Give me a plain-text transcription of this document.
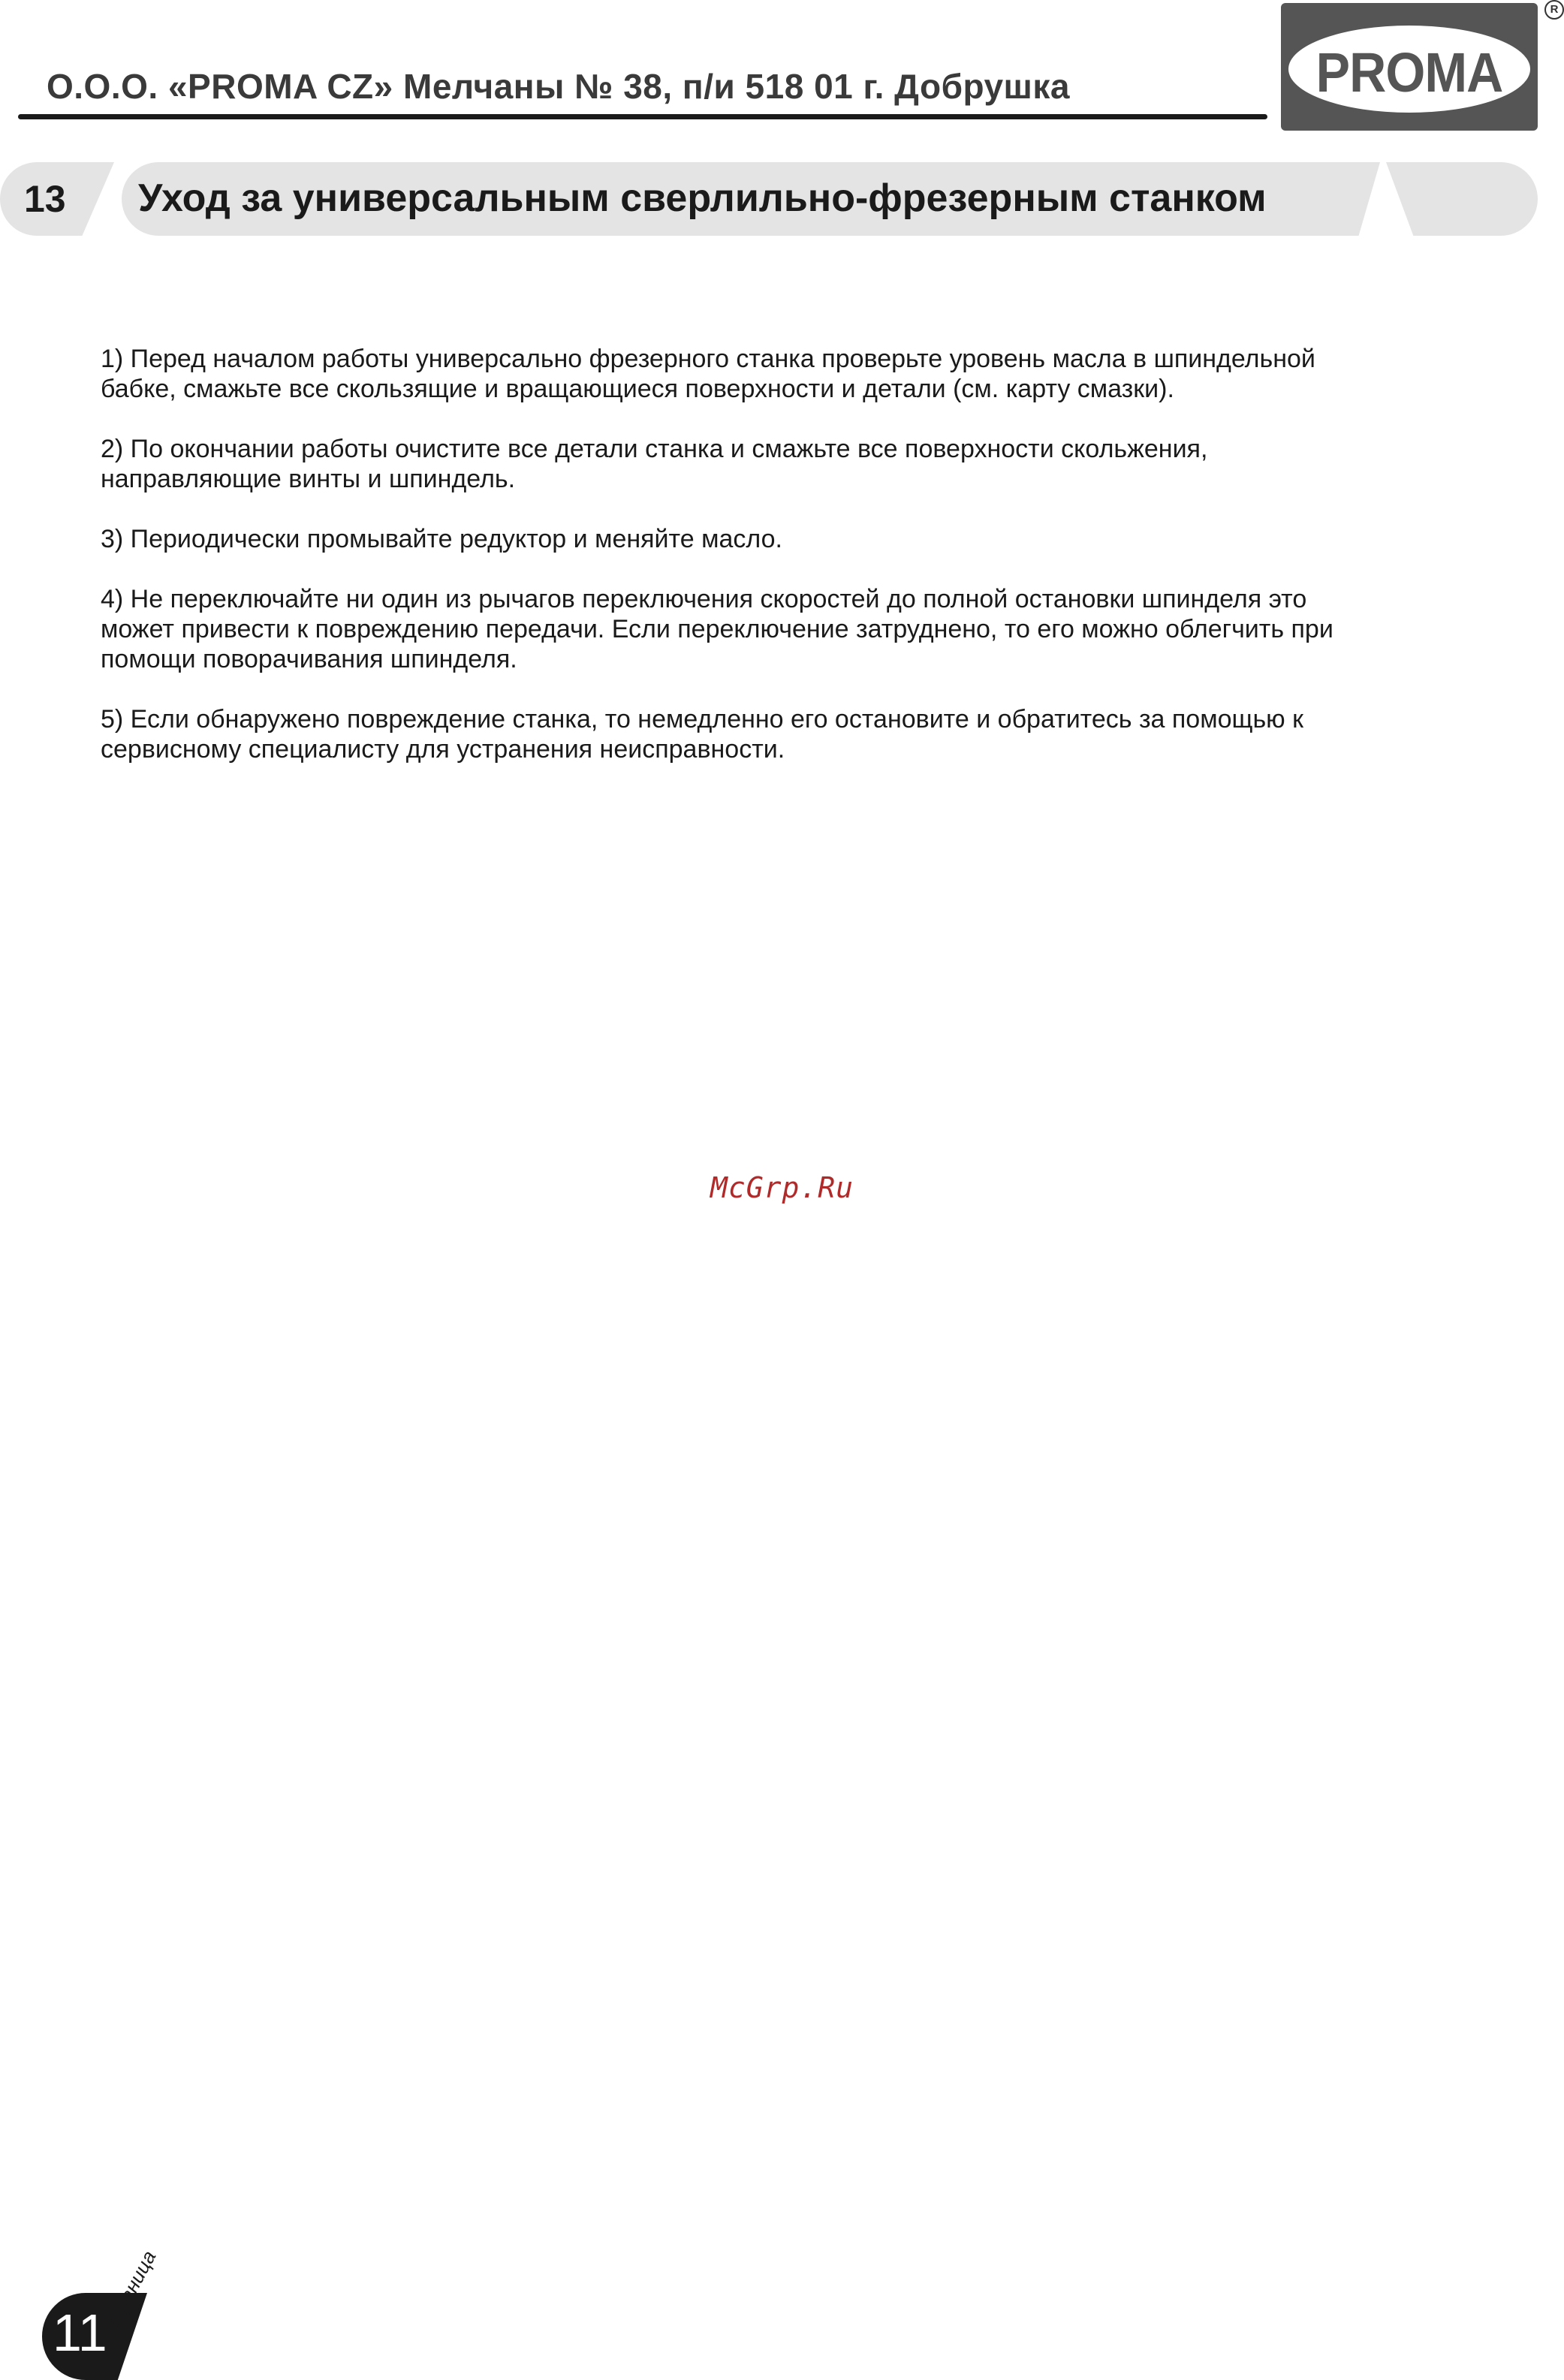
О.О.О. «PROMA CZ» Мелчаны № 38, п/и 518 01 г. Добрушка	PROMA
R
13 Уход за универсальным сверлильно-фрезерным станком

1) Перед началом работы универсально фрезерного станка проверьте уровень масла в шпиндельной
бабке, смажьте все скользящие и вращающиеся поверхности и детали (см. карту смазки).

2) По окончании работы очистите все детали станка и смажьте все поверхности скольжения,
направляющие винты и шпиндель.

3) Периодически промывайте редуктор и меняйте масло.

4) Не переключайте ни один из рычагов переключения скоростей до полной остановки шпинделя это
может привести к повреждению передачи. Если переключение затруднено, то его можно облегчить при
помощи поворачивания шпинделя.

5) Если обнаружено повреждение станка, то немедленно его остановите и обратитесь за помощью к
сервисному специалисту для устранения неисправности.

McGrp.Ru
11
страница
